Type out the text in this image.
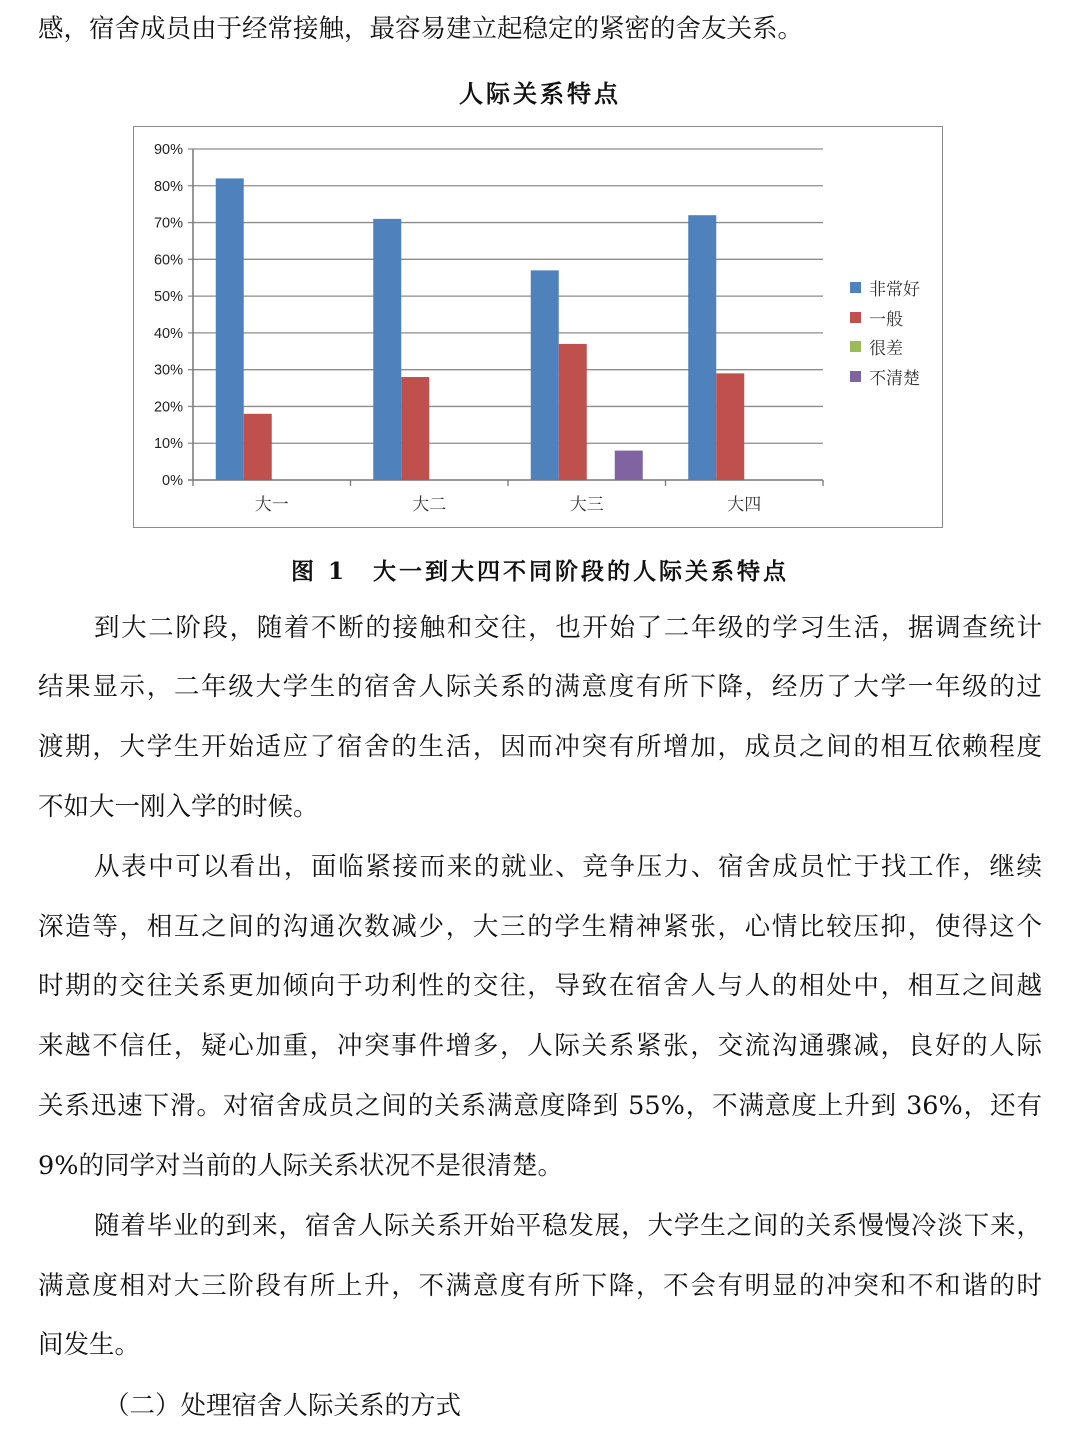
感，宿舍成员由于经常接触，最容易建立起稳定的紧密的舍友关系。

人际关系特点

0%
10%
20%
30%
40%
50%
60%
70%
80%
90%
大一	大二	大三	大四
非常好
一般
很差
不清楚

图 1 大一到大四不同阶段的人际关系特点

到大二阶段，随着不断的接触和交往，也开始了二年级的学习生活，据调查统计

结果显示，二年级大学生的宿舍人际关系的满意度有所下降，经历了大学一年级的过

渡期，大学生开始适应了宿舍的生活，因而冲突有所增加，成员之间的相互依赖程度

不如大一刚入学的时候。

从表中可以看出，面临紧接而来的就业、竞争压力、宿舍成员忙于找工作，继续

深造等，相互之间的沟通次数减少，大三的学生精神紧张，心情比较压抑，使得这个

时期的交往关系更加倾向于功利性的交往，导致在宿舍人与人的相处中，相互之间越

来越不信任，疑心加重，冲突事件增多，人际关系紧张，交流沟通骤减，良好的人际

关系迅速下滑。对宿舍成员之间的关系满意度降到 55%，不满意度上升到 36%，还有

9%的同学对当前的人际关系状况不是很清楚。

随着毕业的到来，宿舍人际关系开始平稳发展，大学生之间的关系慢慢冷淡下来，

满意度相对大三阶段有所上升，不满意度有所下降，不会有明显的冲突和不和谐的时

间发生。

（二）处理宿舍人际关系的方式
